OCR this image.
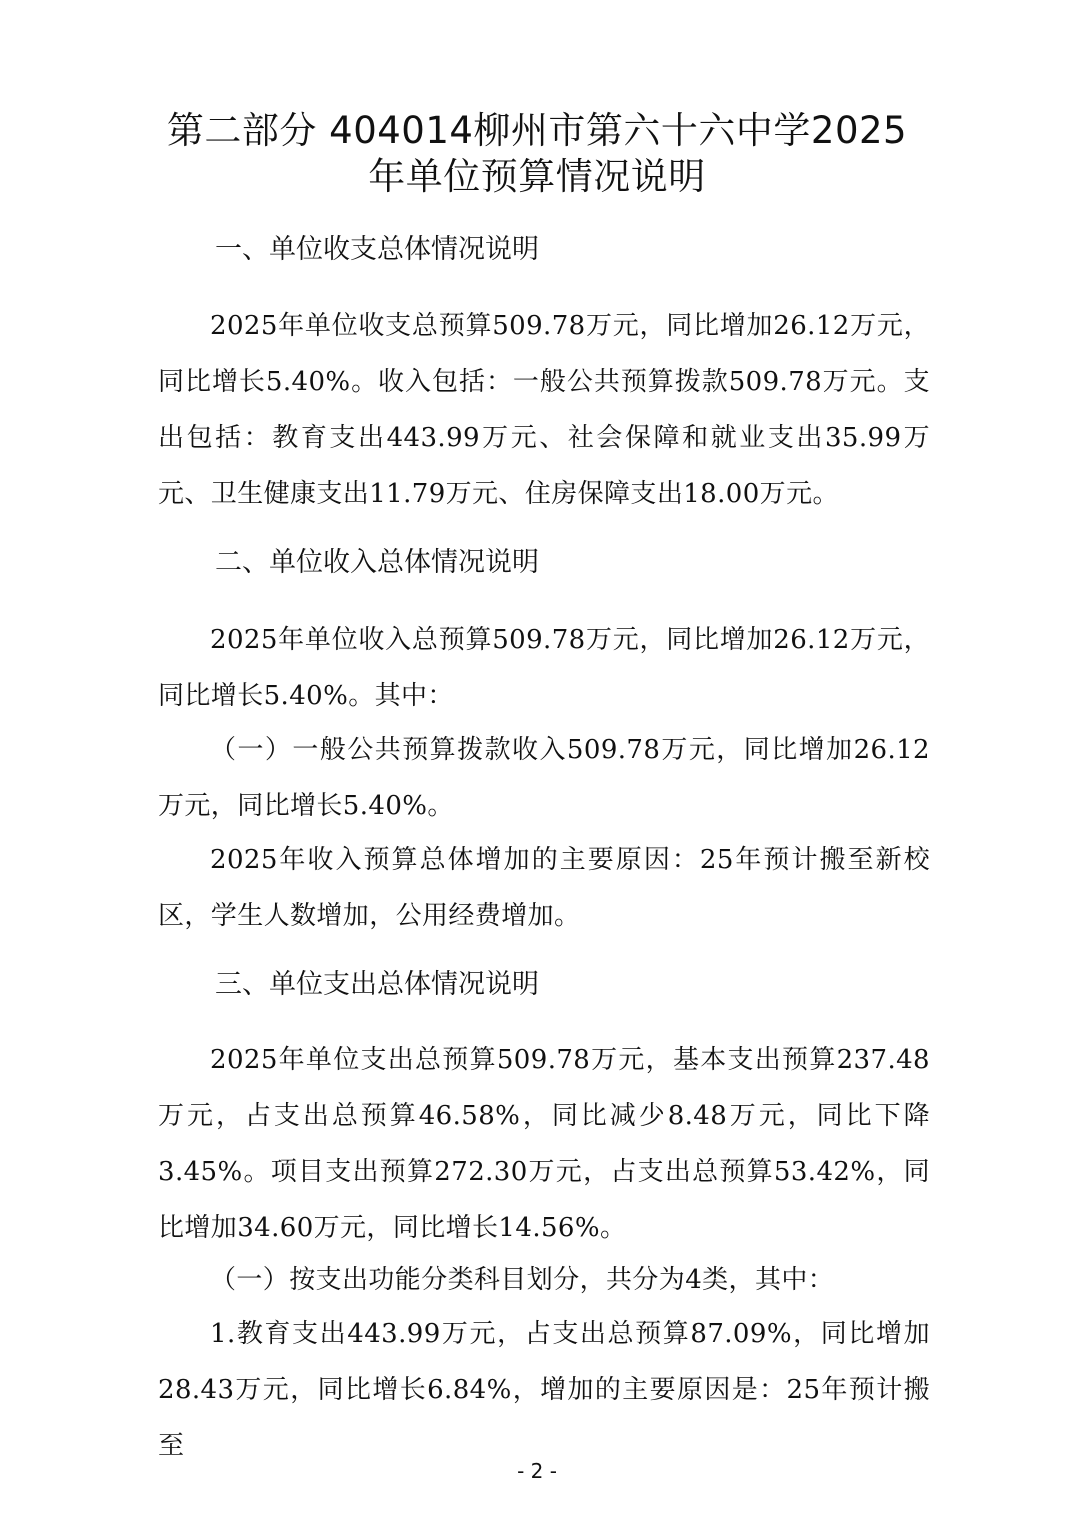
第二部分 404014柳州市第六十六中学2025
年单位预算情况说明
一、单位收支总体情况说明

2025年单位收支总预算509.78万元，同比增加26.12万元，同比增长5.40%。收入包括：一般公共预算拨款509.78万元。支出包括：教育支出443.99万元、社会保障和就业支出35.99万元、卫生健康支出11.79万元、住房保障支出18.00万元。

二、单位收入总体情况说明

2025年单位收入总预算509.78万元，同比增加26.12万元，同比增长5.40%。其中：

（一）一般公共预算拨款收入509.78万元，同比增加26.12万元，同比增长5.40%。

2025年收入预算总体增加的主要原因：25年预计搬至新校区，学生人数增加，公用经费增加。

三、单位支出总体情况说明

2025年单位支出总预算509.78万元，基本支出预算237.48万元，占支出总预算46.58%，同比减少8.48万元，同比下降3.45%。项目支出预算272.30万元，占支出总预算53.42%，同比增加34.60万元，同比增长14.56%。

（一）按支出功能分类科目划分，共分为4类，其中：

1.教育支出443.99万元，占支出总预算87.09%，同比增加28.43万元，同比增长6.84%，增加的主要原因是：25年预计搬至

- 2 -
